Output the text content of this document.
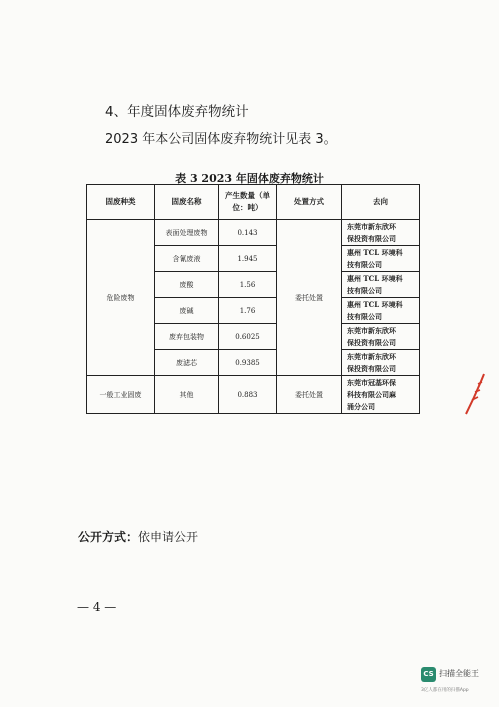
4、年度固体废弃物统计
2023 年本公司固体废弃物统计见表 3。
表 3 2023 年固体废弃物统计
固废种类	固废名称	产生数量（单位：吨）	处置方式	去向
危险废物	表面处理废物	0.143	委托处置	东莞市新东欣环
保投资有限公司

	含氰废液	1.945		惠州 TCL 环境科
技有限公司

	废酸	1.56		惠州 TCL 环境科
技有限公司

	废碱	1.76		惠州 TCL 环境科
技有限公司

	废弃包装物	0.6025		东莞市新东欣环
保投资有限公司

	废滤芯	0.9385		东莞市新东欣环
保投资有限公司

一般工业固废	其他	0.883	委托处置	东莞市冠基环保
科技有限公司麻
涌分公司
公开方式：依申请公开
— 4 —
CS 扫描全能王
3亿人都在用的扫描App
